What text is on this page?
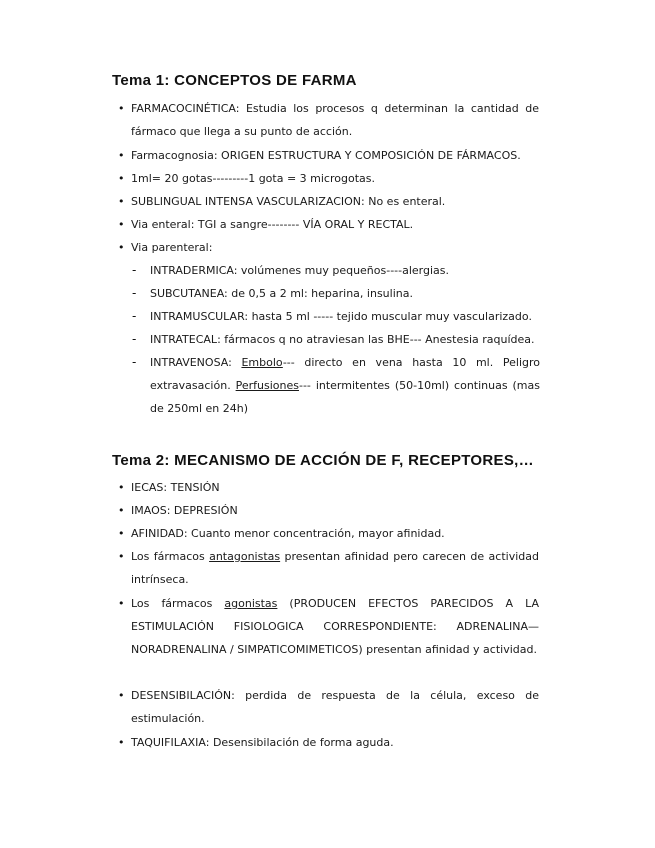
Tema 1: CONCEPTOS DE FARMA
• FARMACOCINÉTICA: Estudia los procesos q determinan la cantidad de fármaco que llega a su punto de acción.
• Farmacognosia: ORIGEN ESTRUCTURA Y COMPOSICIÓN DE FÁRMACOS.
• 1ml= 20 gotas---------1 gota = 3 microgotas.
• SUBLINGUAL INTENSA VASCULARIZACION: No es enteral.
• Via enteral: TGI a sangre-------- VÍA ORAL Y RECTAL.
• Via parenteral:
- INTRADERMICA: volúmenes muy pequeños----alergias.
- SUBCUTANEA: de 0,5 a 2 ml: heparina, insulina.
- INTRAMUSCULAR: hasta 5 ml ----- tejido muscular muy vascularizado.
- INTRATECAL: fármacos q no atraviesan las BHE--- Anestesia raquídea.
- INTRAVENOSA: Embolo--- directo en vena hasta 10 ml. Peligro extravasación. Perfusiones--- intermitentes (50-10ml) continuas (mas de 250ml en 24h)
Tema 2: MECANISMO DE ACCIÓN DE F, RECEPTORES,…
• IECAS: TENSIÓN
• IMAOS: DEPRESIÓN
• AFINIDAD: Cuanto menor concentración, mayor afinidad.
• Los fármacos antagonistas presentan afinidad pero carecen de actividad intrínseca.
• Los fármacos agonistas (PRODUCEN EFECTOS PARECIDOS A LA ESTIMULACIÓN FISIOLOGICA CORRESPONDIENTE: ADRENALINA—NORADRENALINA / SIMPATICOMIMETICOS) presentan afinidad y actividad.
• DESENSIBILACIÓN: perdida de respuesta de la célula, exceso de estimulación.
• TAQUIFILAXIA: Desensibilación de forma aguda.
